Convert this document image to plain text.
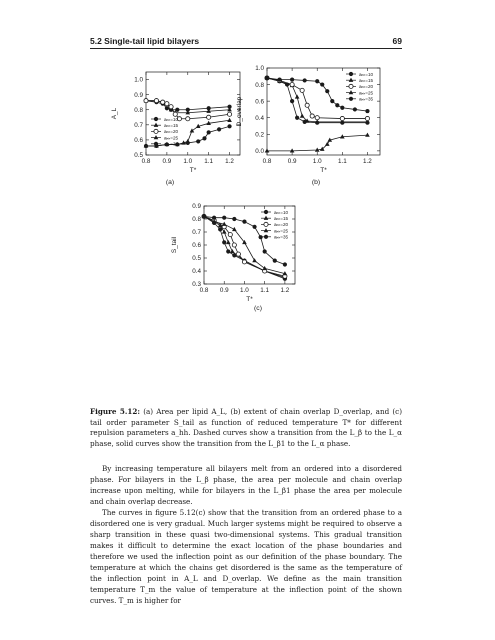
5.2 Single-tail lipid bilayers	69
0.8 0.9 1.0 1.1 1.2
0.5
0.6
0.7
0.8
0.9
1.0
T*
A_L
(a)
aₕₕ=10
aₕₕ=15
aₕₕ=20
aₕₕ=25
aₕₕ=35
0.8	0.9	1.0	1.1	1.2
0.0
0.2
0.4
0.6
0.8
1.0
T*
D_overlap
(b)
aₕₕ=10
aₕₕ=15
aₕₕ=20
aₕₕ=25
aₕₕ=35
0.8 0.9 1.0 1.1 1.2
0.3
0.4
0.5
0.6
0.7
0.8
0.9
T*
S_tail
(c)
aₕₕ=10
aₕₕ=15
aₕₕ=20
aₕₕ=25
aₕₕ=35
Figure 5.12: (a) Area per lipid A_L, (b) extent of chain overlap D_overlap, and (c) tail order parameter S_tail as function of reduced temperature T* for different repulsion parameters a_hh. Dashed curves show a transition from the L_β to the L_α phase, solid curves show the transition from the L_β1 to the L_α phase.
By increasing temperature all bilayers melt from an ordered into a disordered phase. For bilayers in the L_β phase, the area per molecule and chain overlap increase upon melting, while for bilayers in the L_β1 phase the area per molecule and chain overlap decrease.
The curves in figure 5.12(c) show that the transition from an ordered phase to a disordered one is very gradual. Much larger systems might be required to observe a sharp transition in these quasi two-dimensional systems. This gradual transition makes it difficult to determine the exact location of the phase boundaries and therefore we used the inflection point as our definition of the phase boundary. The temperature at which the chains get disordered is the same as the temperature of the inflection point in A_L and D_overlap. We define as the main transition temperature T_m the value of temperature at the inflection point of the shown curves. T_m is higher for
